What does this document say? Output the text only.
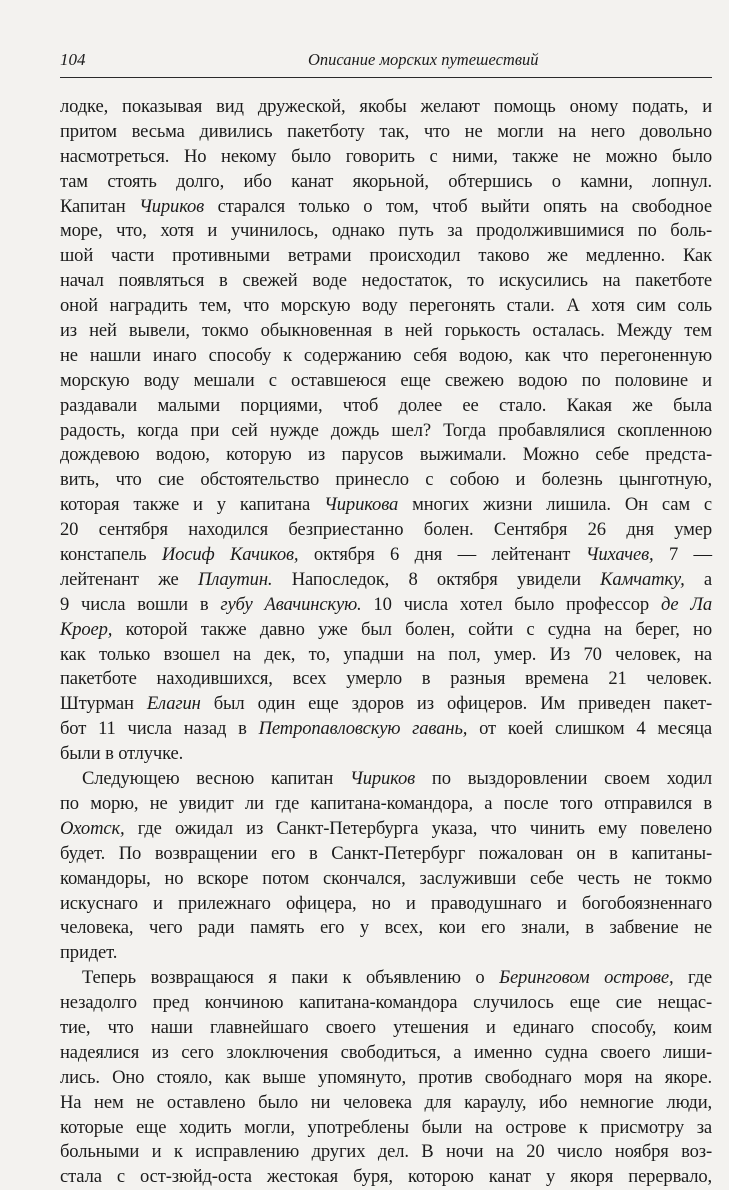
104	Описание морских путешествий
лодке, показывая вид дружеской, якобы желают помощь оному подать, и
притом весьма дивились пакетботу так, что не могли на него довольно
насмотреться. Но некому было говорить с ними, также не можно было
там стоять долго, ибо канат якорьной, обтершись о камни, лопнул.
Капитан Чириков старался только о том, чтоб выйти опять на свободное
море, что, хотя и учинилось, однако путь за продолжившимися по боль-
шой части противными ветрами происходил таково же медленно. Как
начал появляться в свежей воде недостаток, то искусились на пакетботе
оной наградить тем, что морскую воду перегонять стали. А хотя сим соль
из ней вывели, токмо обыкновенная в ней горькость осталась. Между тем
не нашли инаго способу к содержанию себя водою, как что перегоненную
морскую воду мешали с оставшеюся еще свежею водою по половине и
раздавали малыми порциями, чтоб долее ее стало. Какая же была
радость, когда при сей нужде дождь шел? Тогда пробавлялися скопленною
дождевою водою, которую из парусов выжимали. Можно себе предста-
вить, что сие обстоятельство принесло с собою и болезнь цынготную,
которая также и у капитана Чирикова многих жизни лишила. Он сам с
20 сентября находился безприестанно болен. Сентября 26 дня умер
констапель Иосиф Качиков, октября 6 дня — лейтенант Чихачев, 7 —
лейтенант же Плаутин. Напоследок, 8 октября увидели Камчатку, а
9 числа вошли в губу Авачинскую. 10 числа хотел было профессор де Ла
Кроер, которой также давно уже был болен, сойти с судна на берег, но
как только взошел на дек, то, упадши на пол, умер. Из 70 человек, на
пакетботе находившихся, всех умерло в разныя времена 21 человек.
Штурман Елагин был один еще здоров из офицеров. Им приведен пакет-
бот 11 числа назад в Петропавловскую гавань, от коей слишком 4 месяца
были в отлучке.
Следующею весною капитан Чириков по выздоровлении своем ходил
по морю, не увидит ли где капитана-командора, а после того отправился в
Охотск, где ожидал из Санкт-Петербурга указа, что чинить ему повелено
будет. По возвращении его в Санкт-Петербург пожалован он в капитаны-
командоры, но вскоре потом скончался, заслуживши себе честь не токмо
искуснаго и прилежнаго офицера, но и праводушнаго и богобоязненнаго
человека, чего ради память его у всех, кои его знали, в забвение не
придет.
Теперь возвращаюся я паки к объявлению о Беринговом острове, где
незадолго пред кончиною капитана-командора случилось еще сие нещас-
тие, что наши главнейшаго своего утешения и единаго способу, коим
надеялися из сего злоключения свободиться, а именно судна своего лиши-
лись. Оно стояло, как выше упомянуто, против свободнаго моря на якоре.
На нем не оставлено было ни человека для караулу, ибо немногие люди,
которые еще ходить могли, употреблены были на острове к присмотру за
больными и к исправлению других дел. В ночи на 20 число ноября воз-
стала с ост-зюйд-оста жестокая буря, которою канат у якоря перервало,
